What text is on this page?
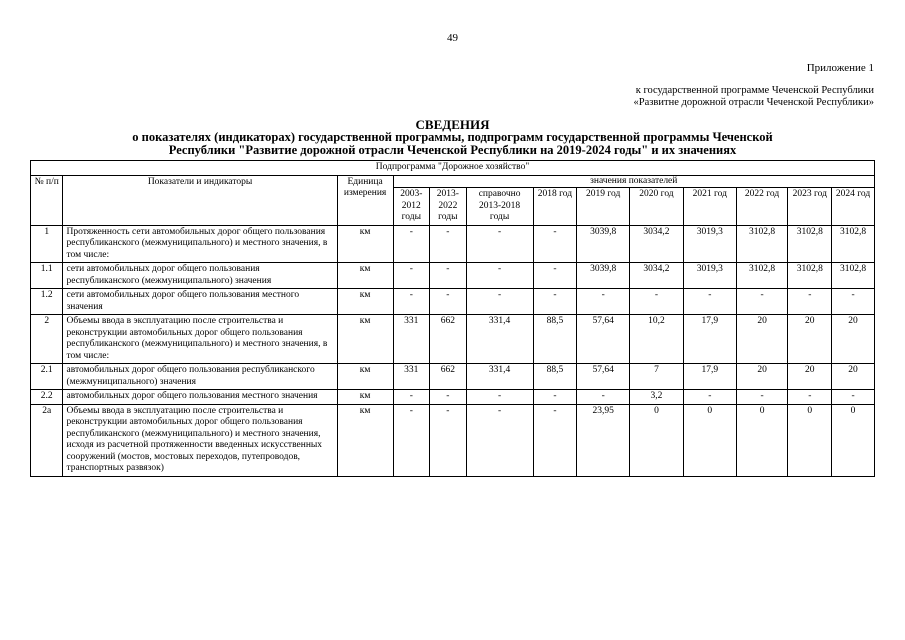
49
Приложение 1
к государственной программе Чеченской Республики
«Развитне дорожной отрасли Чеченской Республики»
СВЕДЕНИЯ
о показателях (индикаторах) государственной программы, подпрограмм государственной программы Чеченской
Республики "Развитие дорожной отрасли Чеченской Республики на 2019-2024 годы" и их значениях
Подпрограмма "Дорожное хозяйство"												
№ п/п	Показатели и индикаторы	Единица измерения	значения показателей									
			2003-2012 годы	2013-2022 годы	справочно 2013-2018 годы	2018 год	2019 год	2020 год	2021 год	2022 год	2023 год	2024 год
1	Протяженность сети автомобильных дорог общего пользования республиканского (межмуниципального) и местного значения, в том числе:	км	-	-	-	-	3039,8	3034,2	3019,3	3102,8	3102,8	3102,8
1.1	сети автомобильных дорог общего пользования республиканского (межмуниципального) значения	км	-	-	-	-	3039,8	3034,2	3019,3	3102,8	3102,8	3102,8
1.2	сети автомобильных дорог общего пользования местного значения	км	-	-	-	-	-	-	-	-	-	-
2	Объемы ввода в эксплуатацию после строительства и реконструкции автомобильных дорог общего пользования республиканского (межмуниципального) и местного значения, в том числе:	км	331	662	331,4	88,5	57,64	10,2	17,9	20	20	20
2.1	автомобильных дорог общего пользования республиканского (межмуниципального) значения	км	331	662	331,4	88,5	57,64	7	17,9	20	20	20
2.2	автомобильных дорог общего пользования местного значения	км	-	-	-	-	-	3,2	-	-	-	-
2а	Объемы ввода в эксплуатацию после строительства и реконструкции автомобильных дорог общего пользования республиканского (межмуниципального) и местного значения, исходя из расчетной протяженности введенных искусственных сооружений (мостов, мостовых переходов, путепроводов, транспортных развязок)	км	-	-	-	-	23,95	0	0	0	0	0
